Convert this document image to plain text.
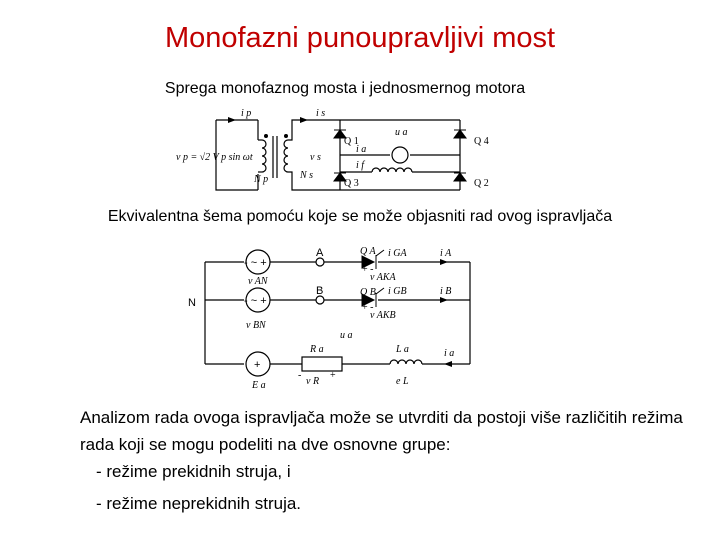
Monofazni punoupravljivi most
Sprega monofaznog mosta i jednosmernog motora
i p	i s
v p = √2 V p sin ωt
N p	N s
v s
Q 1
Q 3
Q 4
Q 2
i a
i f
u a
Ekvivalentna šema pomoću koje se može objasniti rad ovog ispravljača
A
B
N
- ~ +
- ~ +
+
v AN
v BN
E a
Q A
Q B
i GA
i GB
v AKA
+ -
v AKB
+ -
i A
i B
u a
R a	L a
v R
-	+
e L
i a
Analizom rada ovoga ispravljača može se utvrditi da postoji više različitih režima rada koji se mogu podeliti na dve osnovne grupe:
- režime prekidnih struja, i
- režime neprekidnih struja.
